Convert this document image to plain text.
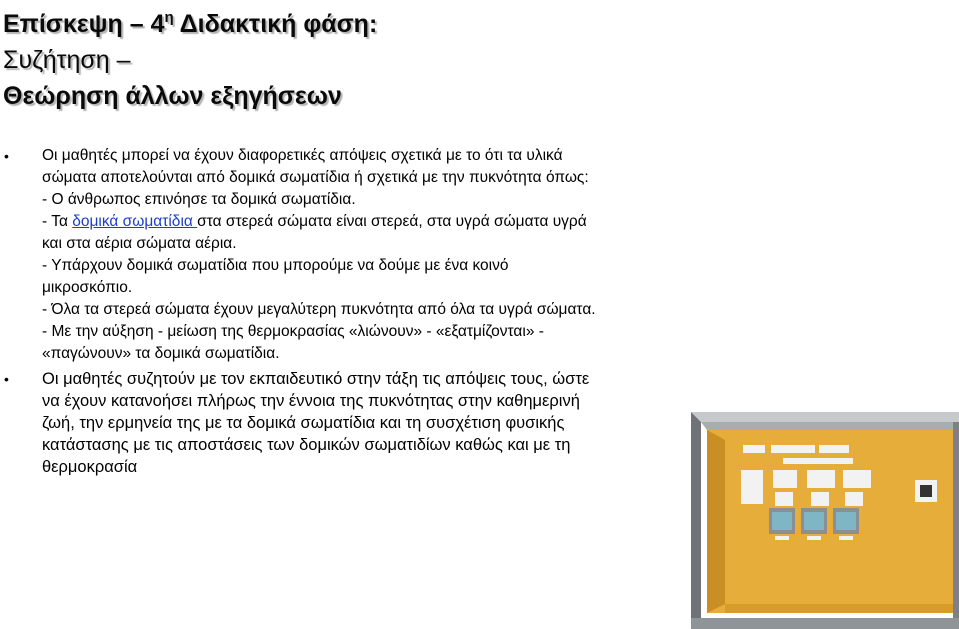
Επίσκεψη – $4^\eta$ Διδακτική φάση:
Συζήτηση –
Θεώρηση άλλων εξηγήσεων
• Οι μαθητές μπορεί να έχουν διαφορετικές απόψεις σχετικά με το ότι τα υλικά σώματα αποτελούνται από δομικά σωματίδια ή σχετικά με την πυκνότητα όπως:
- Ο άνθρωπος επινόησε τα δομικά σωματίδια.
- Τα δομικά σωματίδια στα στερεά σώματα είναι στερεά, στα υγρά σώματα υγρά και στα αέρια σώματα αέρια.
- Υπάρχουν δομικά σωματίδια που μπορούμε να δούμε με ένα κοινό μικροσκόπιο.
- Όλα τα στερεά σώματα έχουν μεγαλύτερη πυκνότητα από όλα τα υγρά σώματα.
- Με την αύξηση - μείωση της θερμοκρασίας «λιώνουν» - «εξατμίζονται» - «παγώνουν» τα δομικά σωματίδια.
• Οι μαθητές συζητούν με τον εκπαιδευτικό στην τάξη τις απόψεις τους, ώστε να έχουν κατανοήσει πλήρως την έννοια της πυκνότητας στην καθημερινή ζωή, την ερμηνεία της με τα δομικά σωματίδια και τη συσχέτιση φυσικής κατάστασης με τις αποστάσεις των δομικών σωματιδίων καθώς και με τη θερμοκρασία
